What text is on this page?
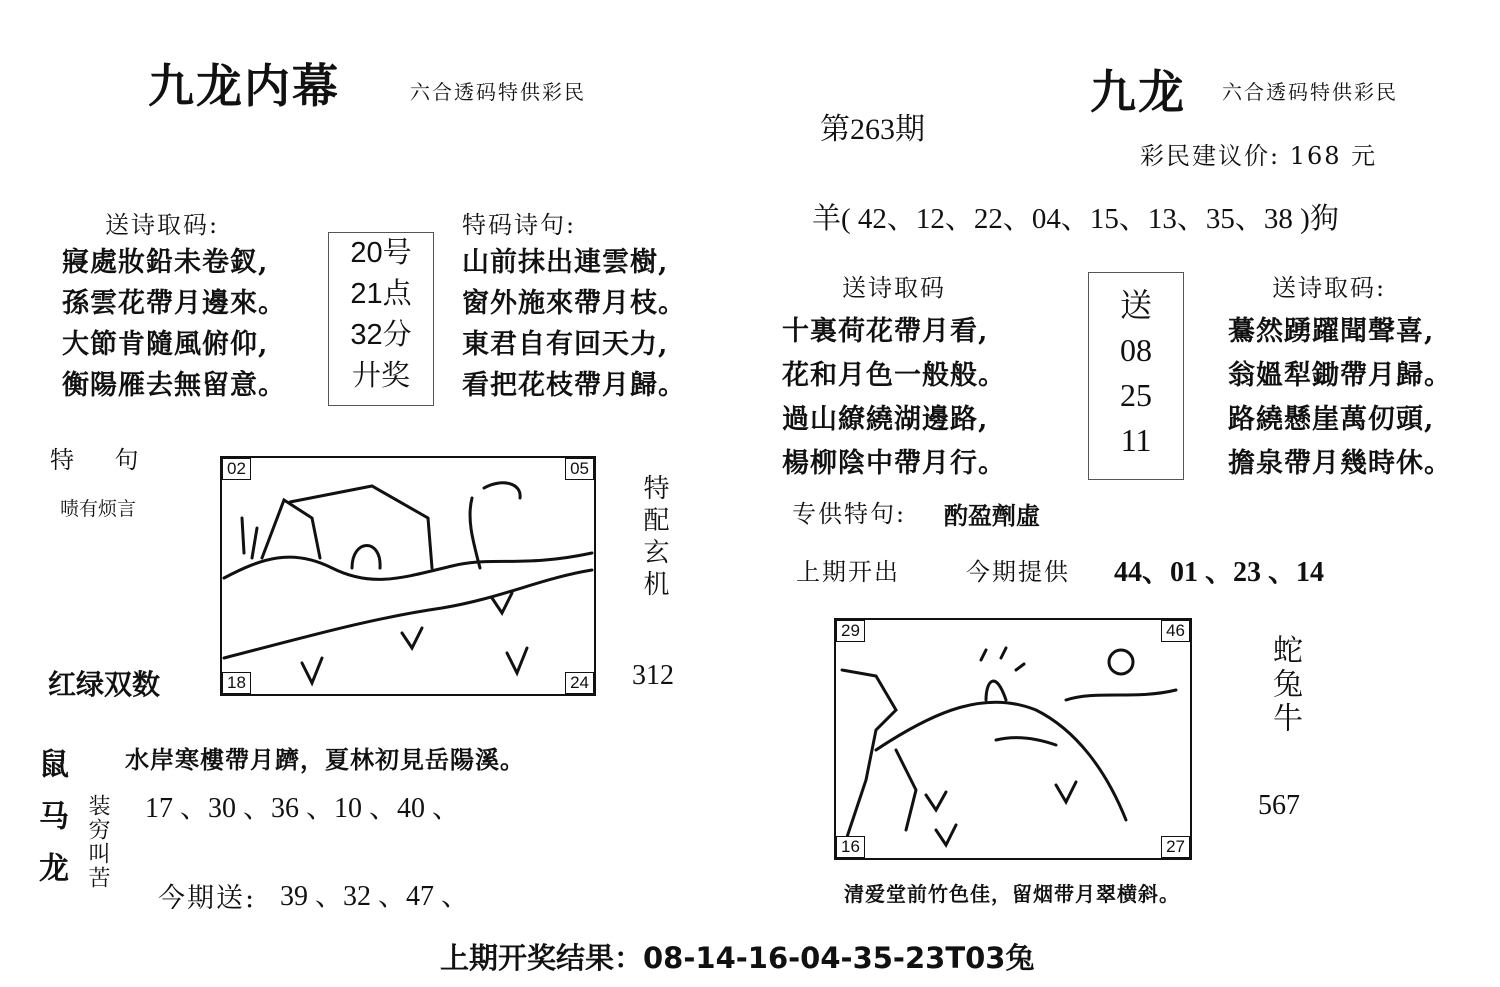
九龙内幕	六合透码特供彩民
送诗取码:
寢處妝鉛未卷釵,
孫雲花帶月邊來。
大節肯隨風俯仰,
衡陽雁去無留意。
20号
21点
32分
廾奖
特码诗句:
山前抹出連雲樹,
窗外施來帶月枝。
東君自有回天力,
看把花枝帶月歸。
特    句
啧有烦言
02	05
18	24
特配玄机
红绿双数	312
鼠马龙 水岸寒樓帶月躋，夏林初見岳陽溪。
装穷叫苦 17 、30 、36 、10 、40 、
今期送: 39 、32 、47 、
第263期
九龙 六合透码特供彩民
彩民建议价: 168 元
羊( 42、12、22、04、15、13、35、38 )狗
送诗取码
十裏荷花帶月看,
花和月色一般般。
過山繚繞湖邊路,
楊柳陰中帶月行。
送
08
25
11
送诗取码:
驀然踴躍聞聲喜,
翁媼犁鋤帶月歸。
路繞懸崖萬仞頭,
擔泉帶月幾時休。
专供特句: 酌盈劑虛
上期开出	今期提供 44、01 、23 、14
29	46
16	27
蛇兔牛
567
清爱堂前竹色佳，留烟带月翠横斜。
上期开奖结果：08-14-16-04-35-23T03兔
